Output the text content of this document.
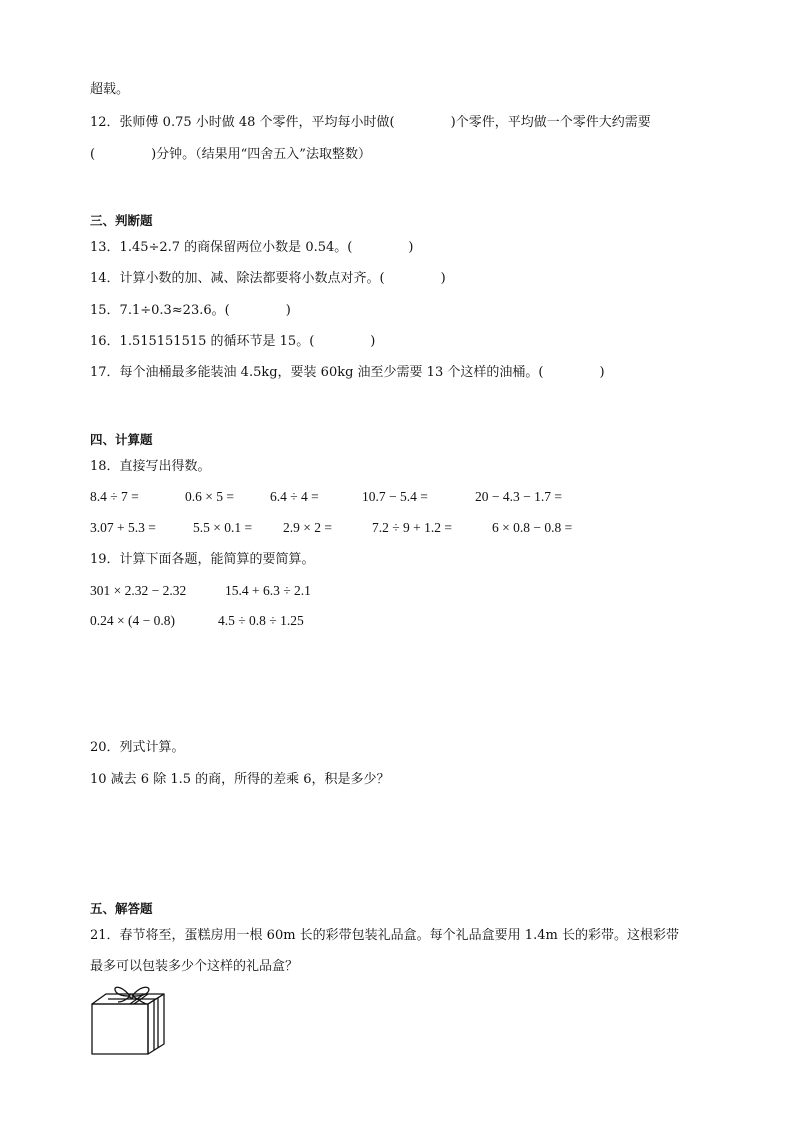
超载。
12．张师傅 0.75 小时做 48 个零件，平均每小时做(	)个零件，平均做一个零件大约需要
(	)分钟。（结果用“四舍五入”法取整数）
三、判断题
13．1.45÷2.7 的商保留两位小数是 0.54。(	)
14．计算小数的加、减、除法都要将小数点对齐。(	)
15．7.1÷0.3≈23.6。(	)
16．1.515151515 的循环节是 15。(	)
17．每个油桶最多能装油 4.5kg，要装 60kg 油至少需要 13 个这样的油桶。(	)
四、计算题
18．直接写出得数。
8.4 ÷ 7 =	0.6 × 5 =	6.4 ÷ 4 =	10.7 − 5.4 =	20 − 4.3 − 1.7 =
3.07 + 5.3 =	5.5 × 0.1 = 2.9 × 2 =	7.2 ÷ 9 + 1.2 =	6 × 0.8 − 0.8 =
19．计算下面各题，能简算的要简算。
301 × 2.32 − 2.32	15.4 + 6.3 ÷ 2.1
0.24 × (4 − 0.8)	4.5 ÷ 0.8 ÷ 1.25
20．列式计算。
10 减去 6 除 1.5 的商，所得的差乘 6，积是多少？
五、解答题
21．春节将至，蛋糕房用一根 60m 长的彩带包装礼品盒。每个礼品盒要用 1.4m 长的彩带。这根彩带
最多可以包装多少个这样的礼品盒？
